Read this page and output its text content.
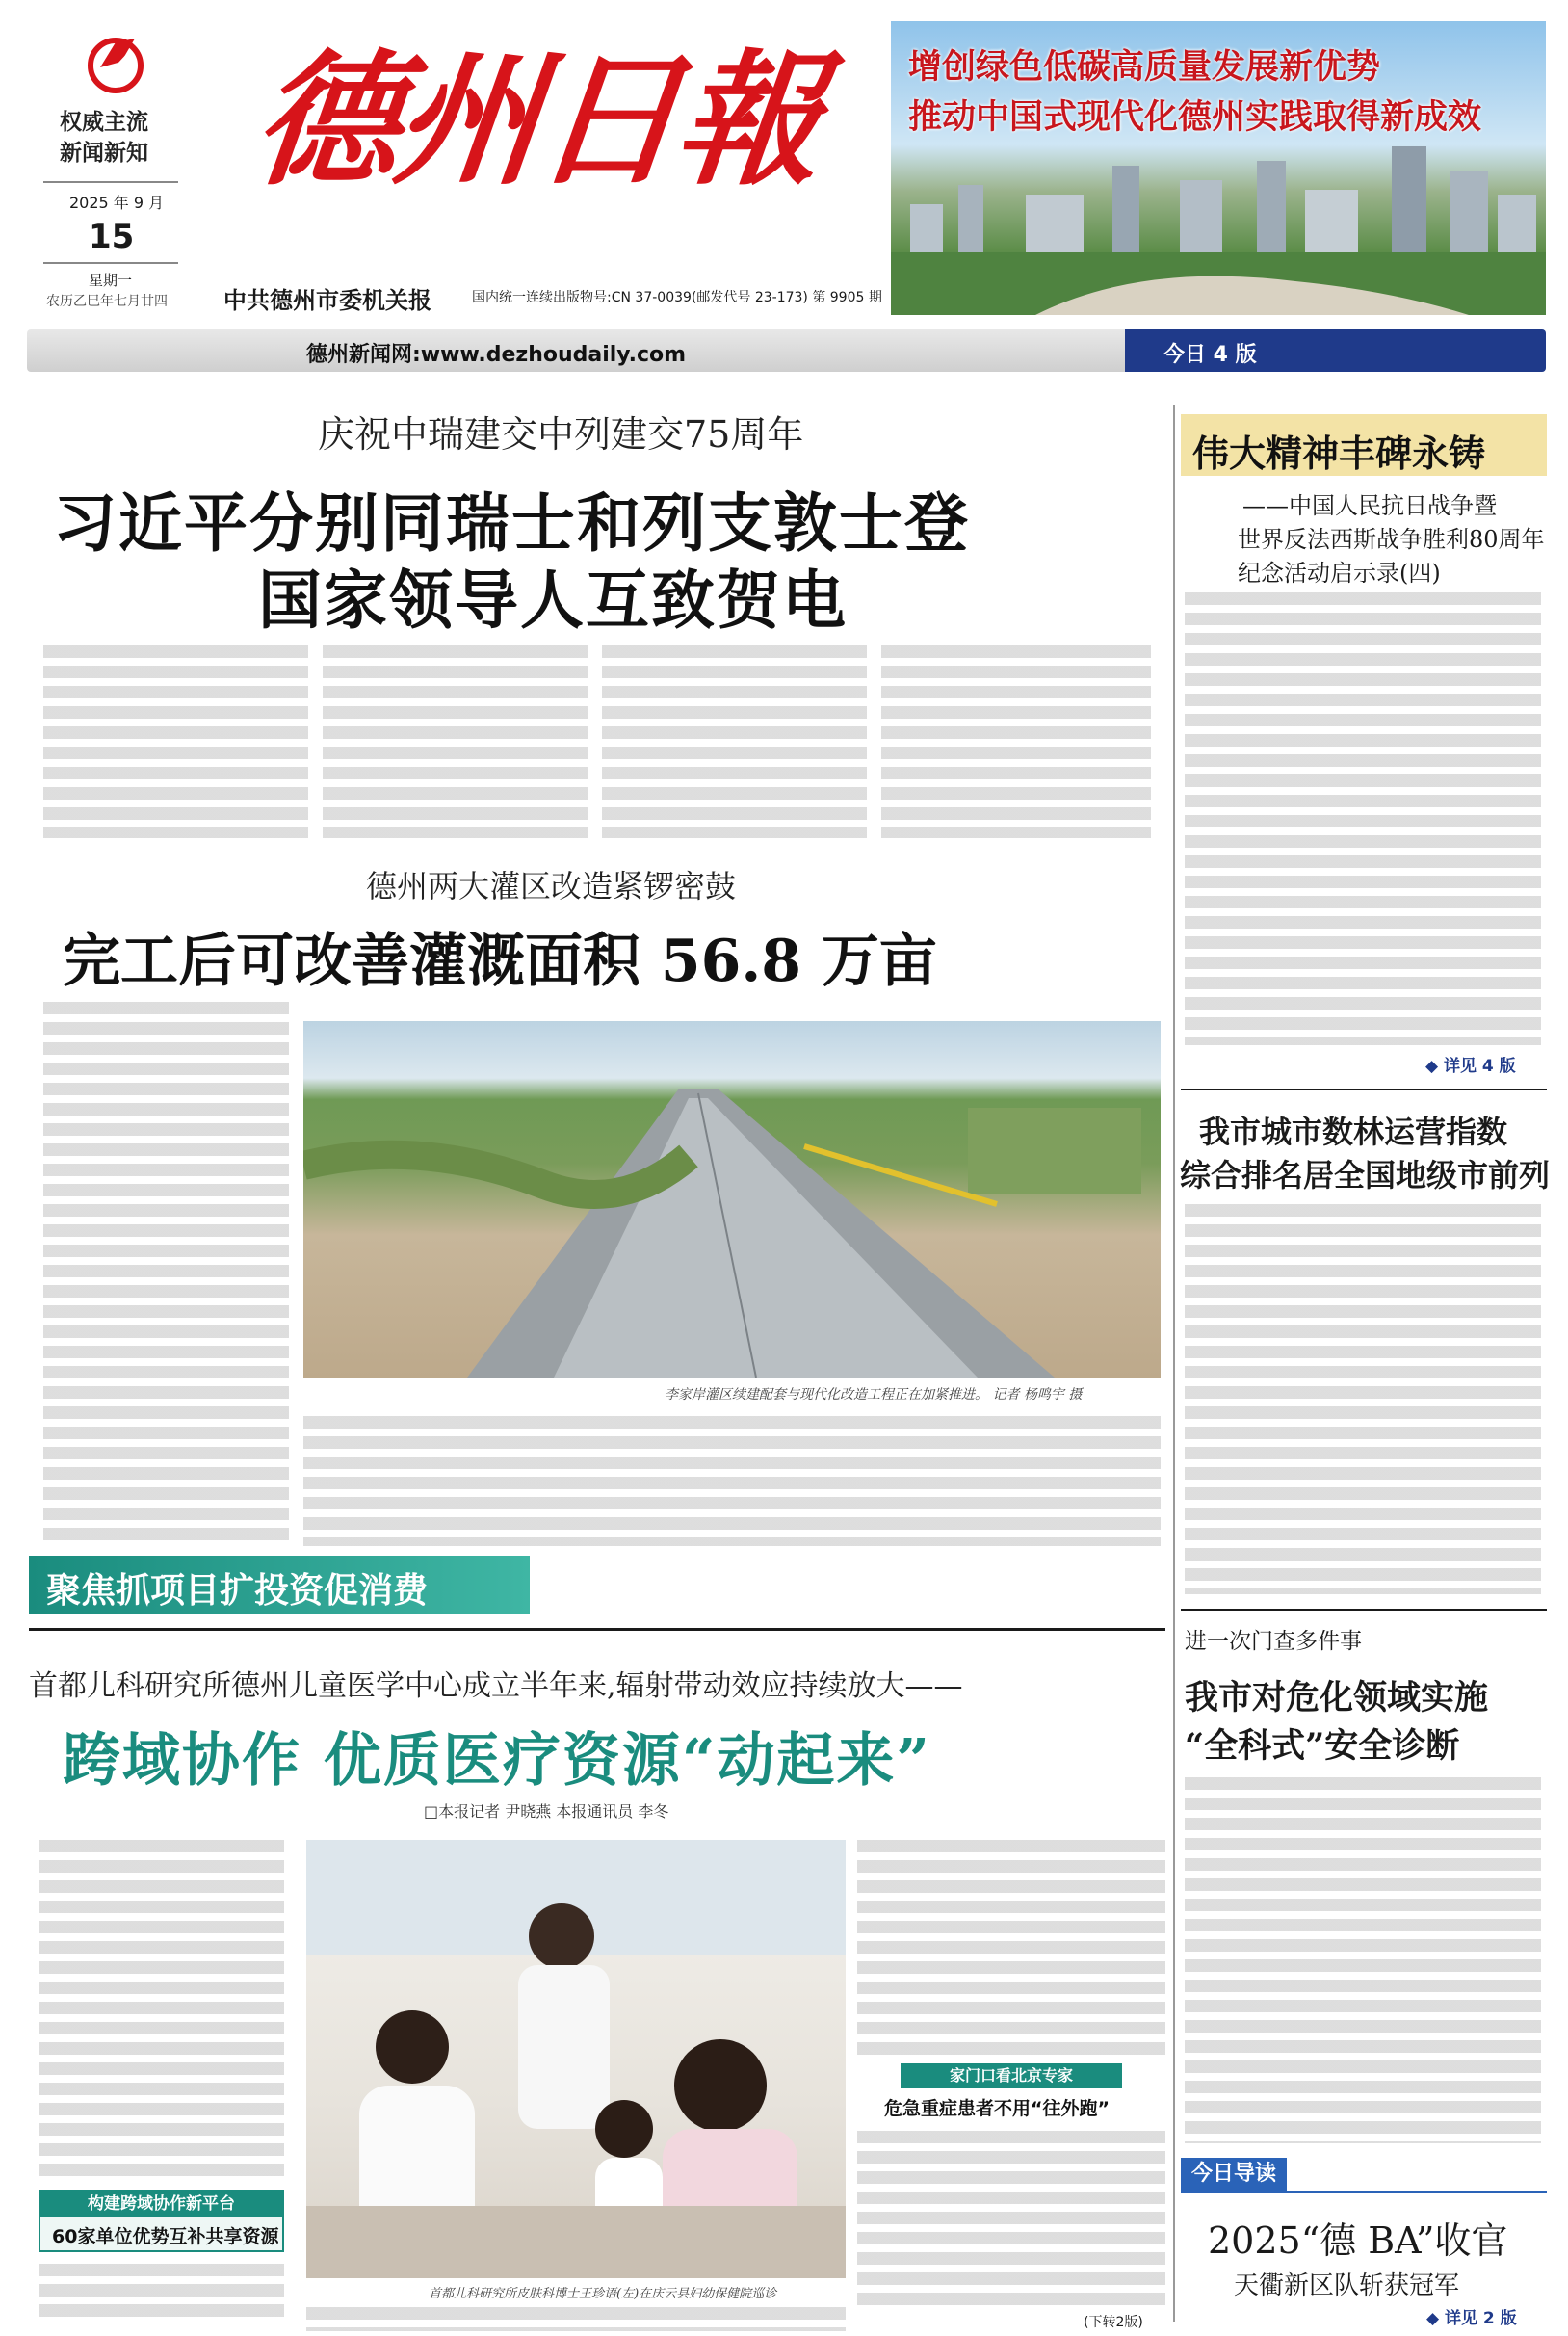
权威主流
新闻新知
2025 年 9 月
15
星期一
农历乙巳年七月廿四
德州日報
中共德州市委机关报	国内统一连续出版物号:CN 37-0039(邮发代号 23-173) 第 9905 期
增创绿色低碳高质量发展新优势
推动中国式现代化德州实践取得新成效
德州新闻网:www.dezhoudaily.com	今日 4 版
庆祝中瑞建交中列建交75周年
习近平分别同瑞士和列支敦士登
国家领导人互致贺电
德州两大灌区改造紧锣密鼓
完工后可改善灌溉面积 56.8 万亩
李家岸灌区续建配套与现代化改造工程正在加紧推进。 记者 杨鸣宇 摄
聚焦抓项目扩投资促消费
首都儿科研究所德州儿童医学中心成立半年来,辐射带动效应持续放大——
跨域协作 优质医疗资源“动起来”
□本报记者 尹晓燕 本报通讯员 李冬
构建跨域协作新平台
60家单位优势互补共享资源
首都儿科研究所皮肤科博士王珍语(左)在庆云县妇幼保健院巡诊
家门口看北京专家
危急重症患者不用“往外跑”
(下转2版)
伟大精神丰碑永铸
——中国人民抗日战争暨
世界反法西斯战争胜利80周年
纪念活动启示录(四)
◆ 详见 4 版
我市城市数林运营指数
综合排名居全国地级市前列
进一次门查多件事
我市对危化领域实施
“全科式”安全诊断
今日导读
2025“德 BA”收官
天衢新区队斩获冠军
◆ 详见 2 版
